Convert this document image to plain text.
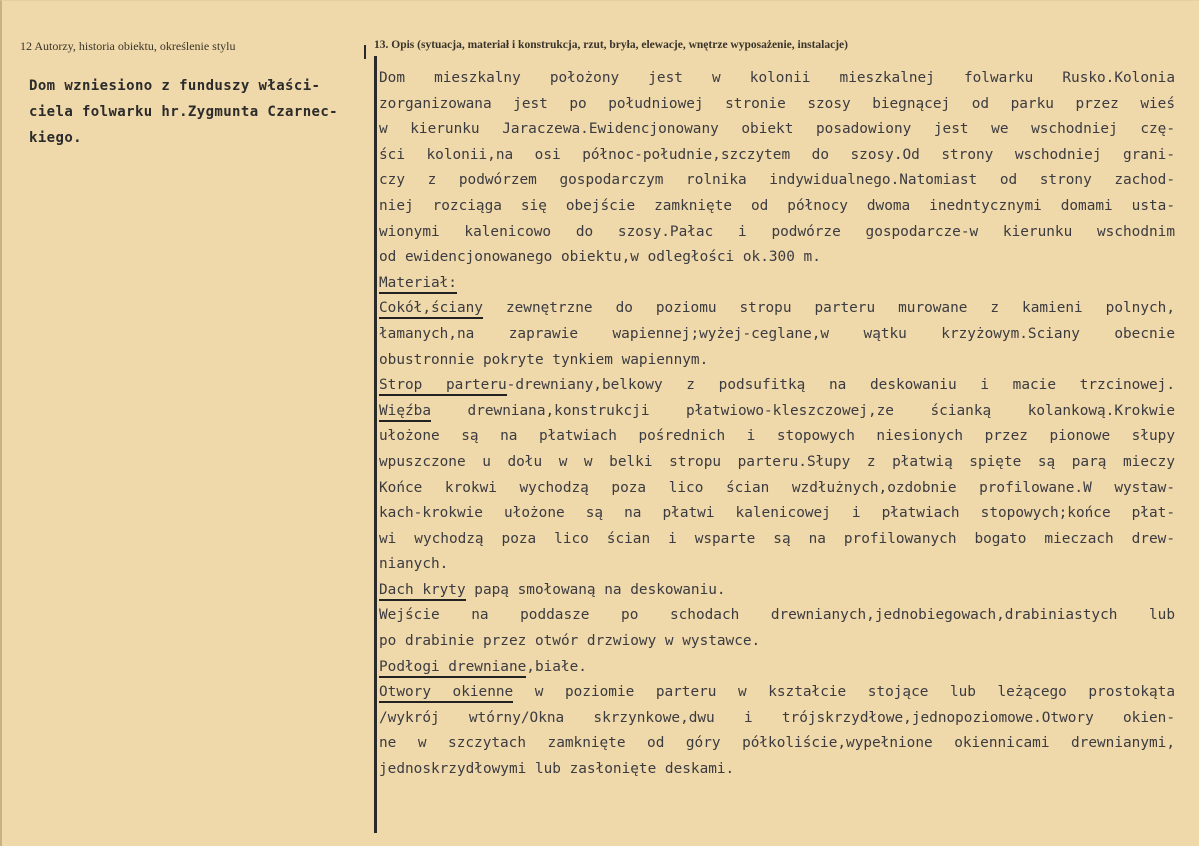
12 Autorzy, historia obiektu, określenie stylu	13. Opis (sytuacja, materiał i konstrukcja, rzut, bryła, elewacje, wnętrze wyposażenie, instalacje)
Dom wzniesiono z funduszy właści-
ciela folwarku hr.Zygmunta Czarnec-
kiego.
Dom mieszkalny położony jest w kolonii mieszkalnej folwarku Rusko.Kolonia
zorganizowana jest po południowej stronie szosy biegnącej od parku przez wieś
w kierunku Jaraczewa.Ewidencjonowany obiekt posadowiony jest we wschodniej czę-
ści kolonii,na osi północ-południe,szczytem do szosy.Od strony wschodniej grani-
czy z podwórzem gospodarczym rolnika indywidualnego.Natomiast od strony zachod-
niej rozciąga się obejście zamknięte od północy dwoma inedntycznymi domami usta-
wionymi kalenicowo do szosy.Pałac i podwórze gospodarcze-w kierunku wschodnim
od ewidencjonowanego obiektu,w odległości ok.300 m.
Materiał:
Cokół,ściany zewnętrzne do poziomu stropu parteru murowane z kamieni polnych,
łamanych,na zaprawie wapiennej;wyżej-ceglane,w wątku krzyżowym.Sciany obecnie
obustronnie pokryte tynkiem wapiennym.
Strop parteru-drewniany,belkowy z podsufitką na deskowaniu i macie trzcinowej.
Więźba drewniana,konstrukcji płatwiowo-kleszczowej,ze ścianką kolankową.Krokwie
ułożone są na płatwiach pośrednich i stopowych niesionych przez pionowe słupy
wpuszczone u dołu w w belki stropu parteru.Słupy z płatwią spięte są parą mieczy
Końce krokwi wychodzą poza lico ścian wzdłużnych,ozdobnie profilowane.W wystaw-
kach-krokwie ułożone są na płatwi kalenicowej i płatwiach stopowych;końce płat-
wi wychodzą poza lico ścian i wsparte są na profilowanych bogato mieczach drew-
nianych.
Dach kryty papą smołowaną na deskowaniu.
Wejście na poddasze po schodach drewnianych,jednobiegowach,drabiniastych lub
po drabinie przez otwór drzwiowy w wystawce.
Podłogi drewniane,białe.
Otwory okienne w poziomie parteru w kształcie stojące lub leżącego prostokąta
/wykrój wtórny/Okna skrzynkowe,dwu i trójskrzydłowe,jednopoziomowe.Otwory okien-
ne w szczytach zamknięte od góry półkoliście,wypełnione okiennicami drewnianymi,
jednoskrzydłowymi lub zasłonięte deskami.
